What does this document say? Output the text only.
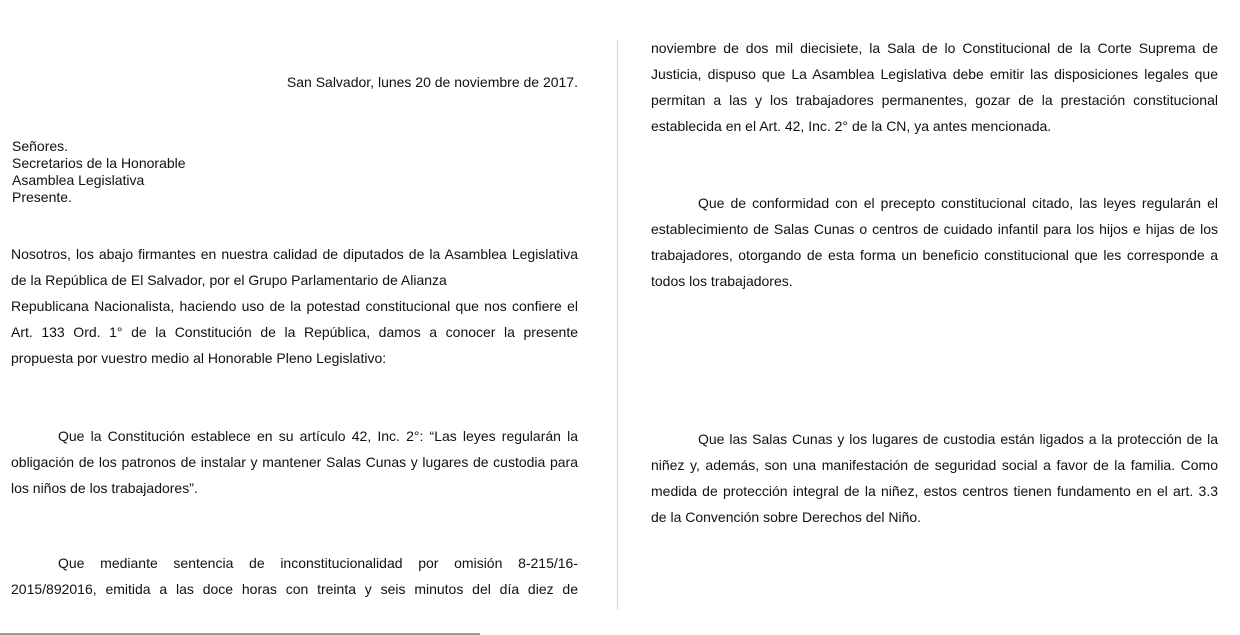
San Salvador, lunes 20 de noviembre de 2017.

Señores.
Secretarios de la Honorable
Asamblea Legislativa
Presente.
Nosotros, los abajo firmantes en nuestra calidad de diputados de la Asamblea Legislativa
de la República de El Salvador, por el Grupo Parlamentario de Alianza
Republicana Nacionalista, haciendo uso de la potestad constitucional que nos confiere el
Art. 133 Ord. 1° de la Constitución de la República, damos a conocer la presente
propuesta por vuestro medio al Honorable Pleno Legislativo:
Que la Constitución establece en su artículo 42, Inc. 2°: “Las leyes regularán la
obligación de los patronos de instalar y mantener Salas Cunas y lugares de custodia para
los niños de los trabajadores”.
Que mediante sentencia de inconstitucionalidad por omisión 8-215/16-
2015/892016, emitida a las doce horas con treinta y seis minutos del día diez de
noviembre de dos mil diecisiete, la Sala de lo Constitucional de la Corte Suprema de
Justicia, dispuso que La Asamblea Legislativa debe emitir las disposiciones legales que
permitan a las y los trabajadores permanentes, gozar de la prestación constitucional
establecida en el Art. 42, Inc. 2° de la CN, ya antes mencionada.
Que de conformidad con el precepto constitucional citado, las leyes regularán el
establecimiento de Salas Cunas o centros de cuidado infantil para los hijos e hijas de los
trabajadores, otorgando de esta forma un beneficio constitucional que les corresponde a
todos los trabajadores.
Que las Salas Cunas y los lugares de custodia están ligados a la protección de la
niñez y, además, son una manifestación de seguridad social a favor de la familia. Como
medida de protección integral de la niñez, estos centros tienen fundamento en el art. 3.3
de la Convención sobre Derechos del Niño.
